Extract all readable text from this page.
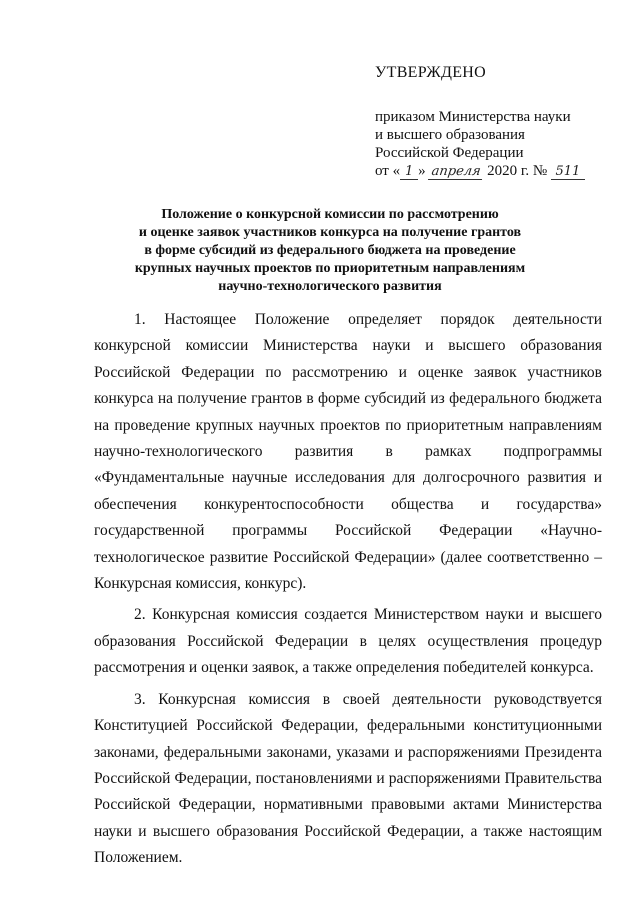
УТВЕРЖДЕНО
приказом Министерства науки
и высшего образования
Российской Федерации
от « 1 » апреля 2020 г. № 511
Положение о конкурсной комиссии по рассмотрению
и оценке заявок участников конкурса на получение грантов
в форме субсидий из федерального бюджета на проведение
крупных научных проектов по приоритетным направлениям
научно-технологического развития

1. Настоящее Положение определяет порядок деятельности конкурсной комиссии Министерства науки и высшего образования Российской Федерации по рассмотрению и оценке заявок участников конкурса на получение грантов в форме субсидий из федерального бюджета на проведение крупных научных проектов по приоритетным направлениям научно-технологического развития в рамках подпрограммы «Фундаментальные научные исследования для долгосрочного развития и обеспечения конкурентоспособности общества и государства» государственной программы Российской Федерации «Научно-технологическое развитие Российской Федерации» (далее соответственно – Конкурсная комиссия, конкурс).

2. Конкурсная комиссия создается Министерством науки и высшего образования Российской Федерации в целях осуществления процедур рассмотрения и оценки заявок, а также определения победителей конкурса.

3. Конкурсная комиссия в своей деятельности руководствуется Конституцией Российской Федерации, федеральными конституционными законами, федеральными законами, указами и распоряжениями Президента Российской Федерации, постановлениями и распоряжениями Правительства Российской Федерации, нормативными правовыми актами Министерства науки и высшего образования Российской Федерации, а также настоящим Положением.
